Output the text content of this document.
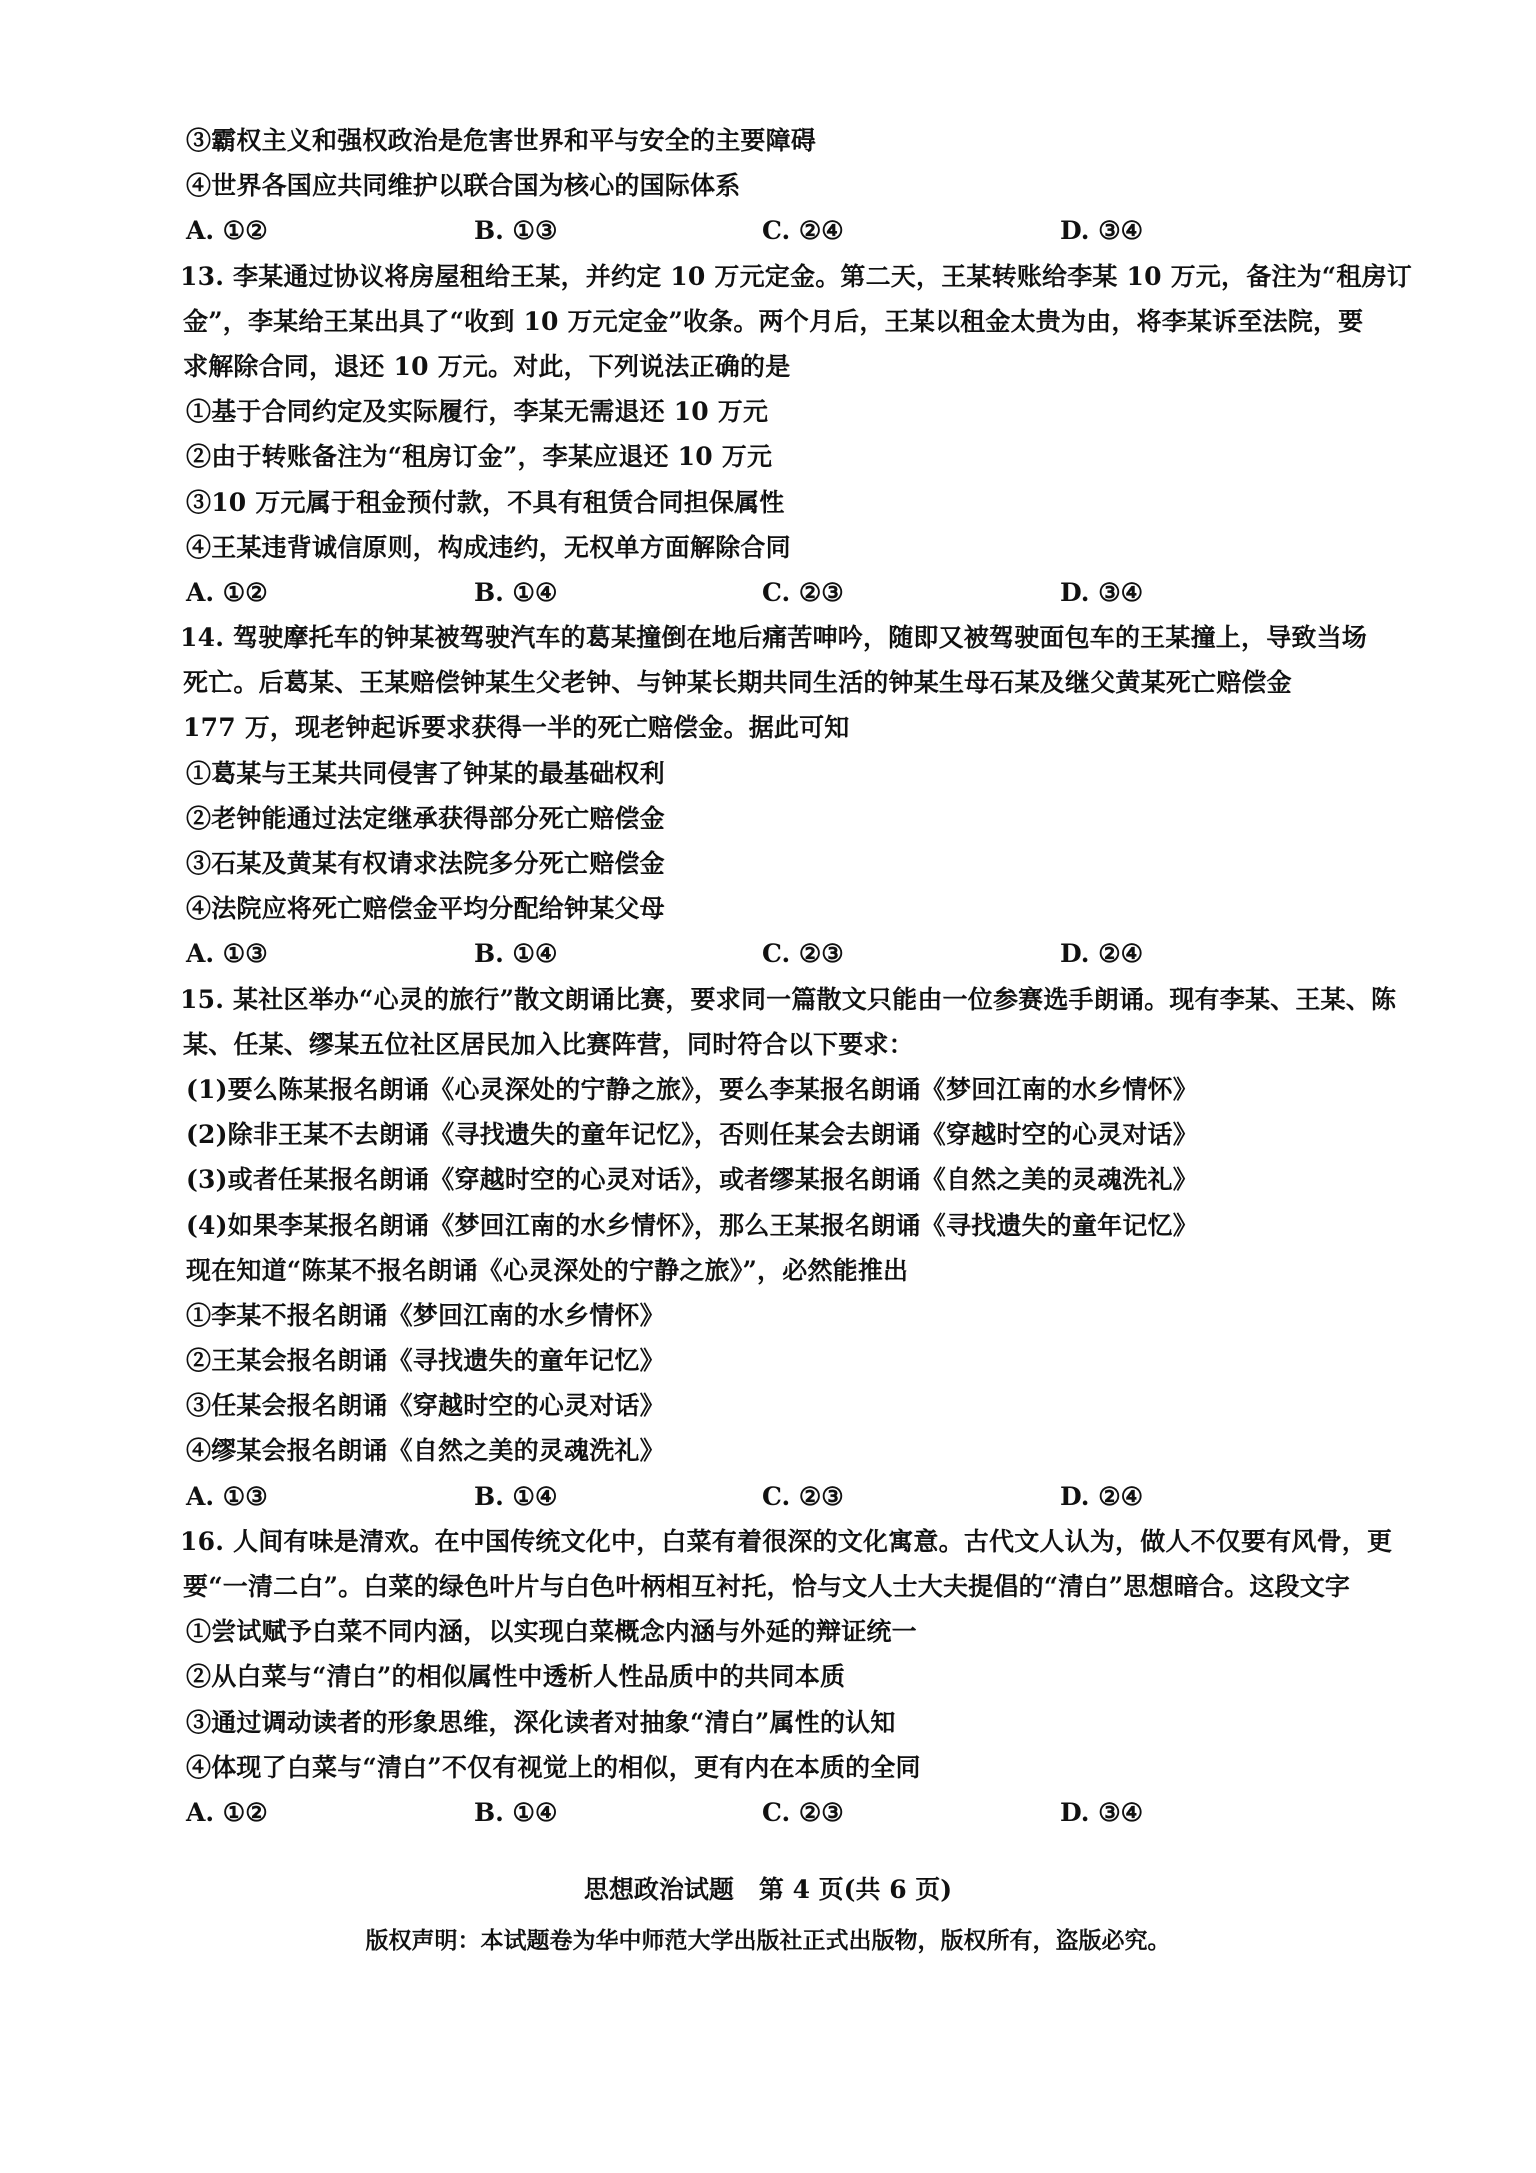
③霸权主义和强权政治是危害世界和平与安全的主要障碍
④世界各国应共同维护以联合国为核心的国际体系
A. ①②	B. ①③	C. ②④	D. ③④
13. 李某通过协议将房屋租给王某，并约定 10 万元定金。第二天，王某转账给李某 10 万元，备注为“租房订
金”，李某给王某出具了“收到 10 万元定金”收条。两个月后，王某以租金太贵为由，将李某诉至法院，要
求解除合同，退还 10 万元。对此，下列说法正确的是
①基于合同约定及实际履行，李某无需退还 10 万元
②由于转账备注为“租房订金”，李某应退还 10 万元
③10 万元属于租金预付款，不具有租赁合同担保属性
④王某违背诚信原则，构成违约，无权单方面解除合同
A. ①②	B. ①④	C. ②③	D. ③④
14. 驾驶摩托车的钟某被驾驶汽车的葛某撞倒在地后痛苦呻吟，随即又被驾驶面包车的王某撞上，导致当场
死亡。后葛某、王某赔偿钟某生父老钟、与钟某长期共同生活的钟某生母石某及继父黄某死亡赔偿金
177 万，现老钟起诉要求获得一半的死亡赔偿金。据此可知
①葛某与王某共同侵害了钟某的最基础权利
②老钟能通过法定继承获得部分死亡赔偿金
③石某及黄某有权请求法院多分死亡赔偿金
④法院应将死亡赔偿金平均分配给钟某父母
A. ①③	B. ①④	C. ②③	D. ②④
15. 某社区举办“心灵的旅行”散文朗诵比赛，要求同一篇散文只能由一位参赛选手朗诵。现有李某、王某、陈
某、任某、缪某五位社区居民加入比赛阵营，同时符合以下要求：
(1)要么陈某报名朗诵《心灵深处的宁静之旅》，要么李某报名朗诵《梦回江南的水乡情怀》
(2)除非王某不去朗诵《寻找遗失的童年记忆》，否则任某会去朗诵《穿越时空的心灵对话》
(3)或者任某报名朗诵《穿越时空的心灵对话》，或者缪某报名朗诵《自然之美的灵魂洗礼》
(4)如果李某报名朗诵《梦回江南的水乡情怀》，那么王某报名朗诵《寻找遗失的童年记忆》
现在知道“陈某不报名朗诵《心灵深处的宁静之旅》”，必然能推出
①李某不报名朗诵《梦回江南的水乡情怀》
②王某会报名朗诵《寻找遗失的童年记忆》
③任某会报名朗诵《穿越时空的心灵对话》
④缪某会报名朗诵《自然之美的灵魂洗礼》
A. ①③	B. ①④	C. ②③	D. ②④
16. 人间有味是清欢。在中国传统文化中，白菜有着很深的文化寓意。古代文人认为，做人不仅要有风骨，更
要“一清二白”。白菜的绿色叶片与白色叶柄相互衬托，恰与文人士大夫提倡的“清白”思想暗合。这段文字
①尝试赋予白菜不同内涵，以实现白菜概念内涵与外延的辩证统一
②从白菜与“清白”的相似属性中透析人性品质中的共同本质
③通过调动读者的形象思维，深化读者对抽象“清白”属性的认知
④体现了白菜与“清白”不仅有视觉上的相似，更有内在本质的全同
A. ①②	B. ①④	C. ②③	D. ③④
思想政治试题　第 4 页(共 6 页)
版权声明：本试题卷为华中师范大学出版社正式出版物，版权所有，盗版必究。
